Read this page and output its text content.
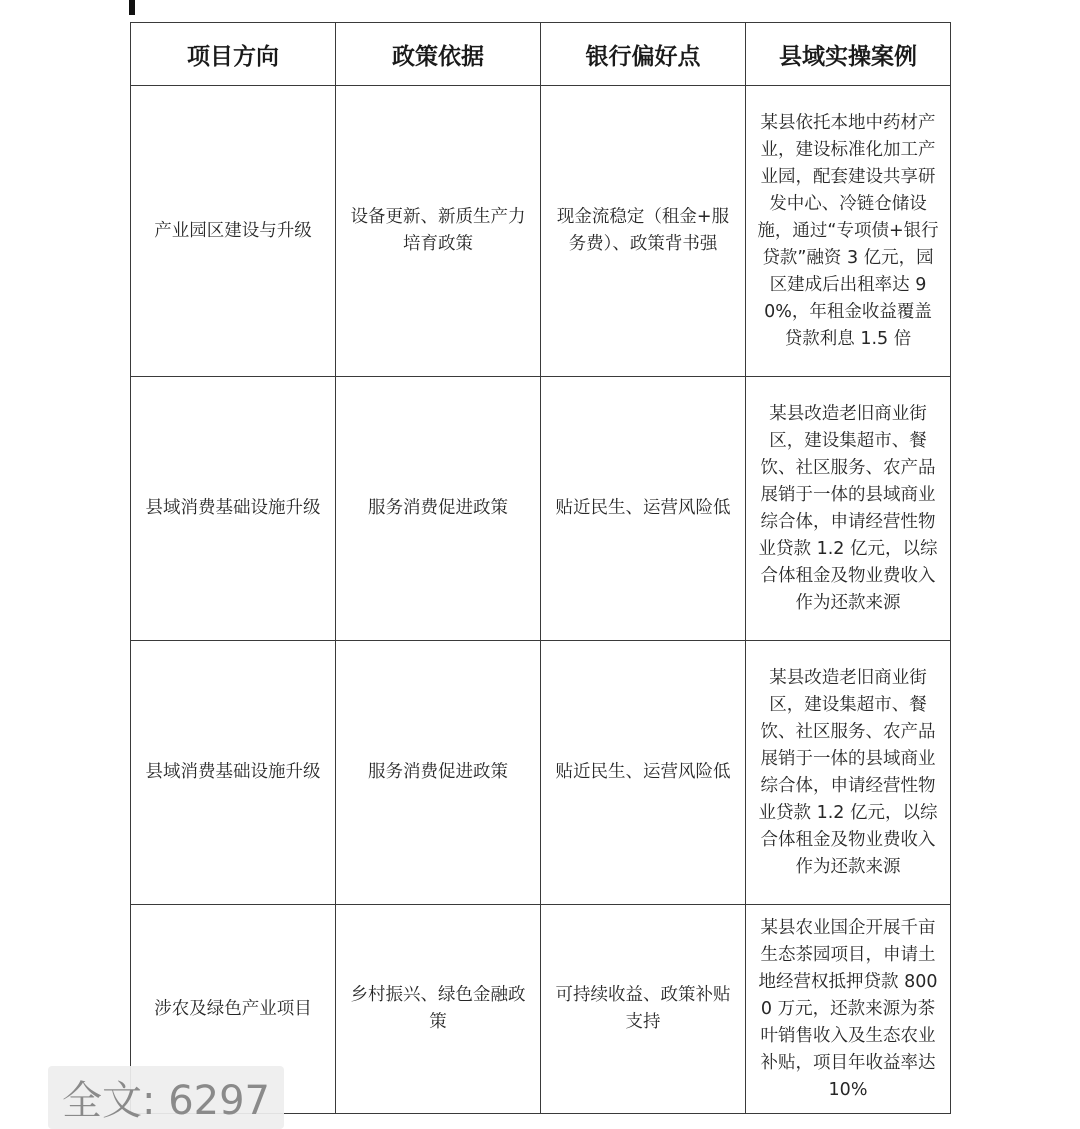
项目方向	政策依据	银行偏好点	县域实操案例
产业园区建设与升级	设备更新、新质生产力培育政策	现金流稳定（租金+服务费）、政策背书强	某县依托本地中药材产业，建设标准化加工产业园，配套建设共享研发中心、冷链仓储设施，通过“专项债+银行贷款”融资 3 亿元，园区建成后出租率达 90%，年租金收益覆盖贷款利息 1.5 倍
县域消费基础设施升级	服务消费促进政策	贴近民生、运营风险低	某县改造老旧商业街区，建设集超市、餐饮、社区服务、农产品展销于一体的县域商业综合体，申请经营性物业贷款 1.2 亿元，以综合体租金及物业费收入作为还款来源
县域消费基础设施升级	服务消费促进政策	贴近民生、运营风险低	某县改造老旧商业街区，建设集超市、餐饮、社区服务、农产品展销于一体的县域商业综合体，申请经营性物业贷款 1.2 亿元，以综合体租金及物业费收入作为还款来源
涉农及绿色产业项目	乡村振兴、绿色金融政策	可持续收益、政策补贴支持	某县农业国企开展千亩生态茶园项目，申请土地经营权抵押贷款 8000 万元，还款来源为茶叶销售收入及生态农业补贴，项目年收益率达 10%
全文: 6297
